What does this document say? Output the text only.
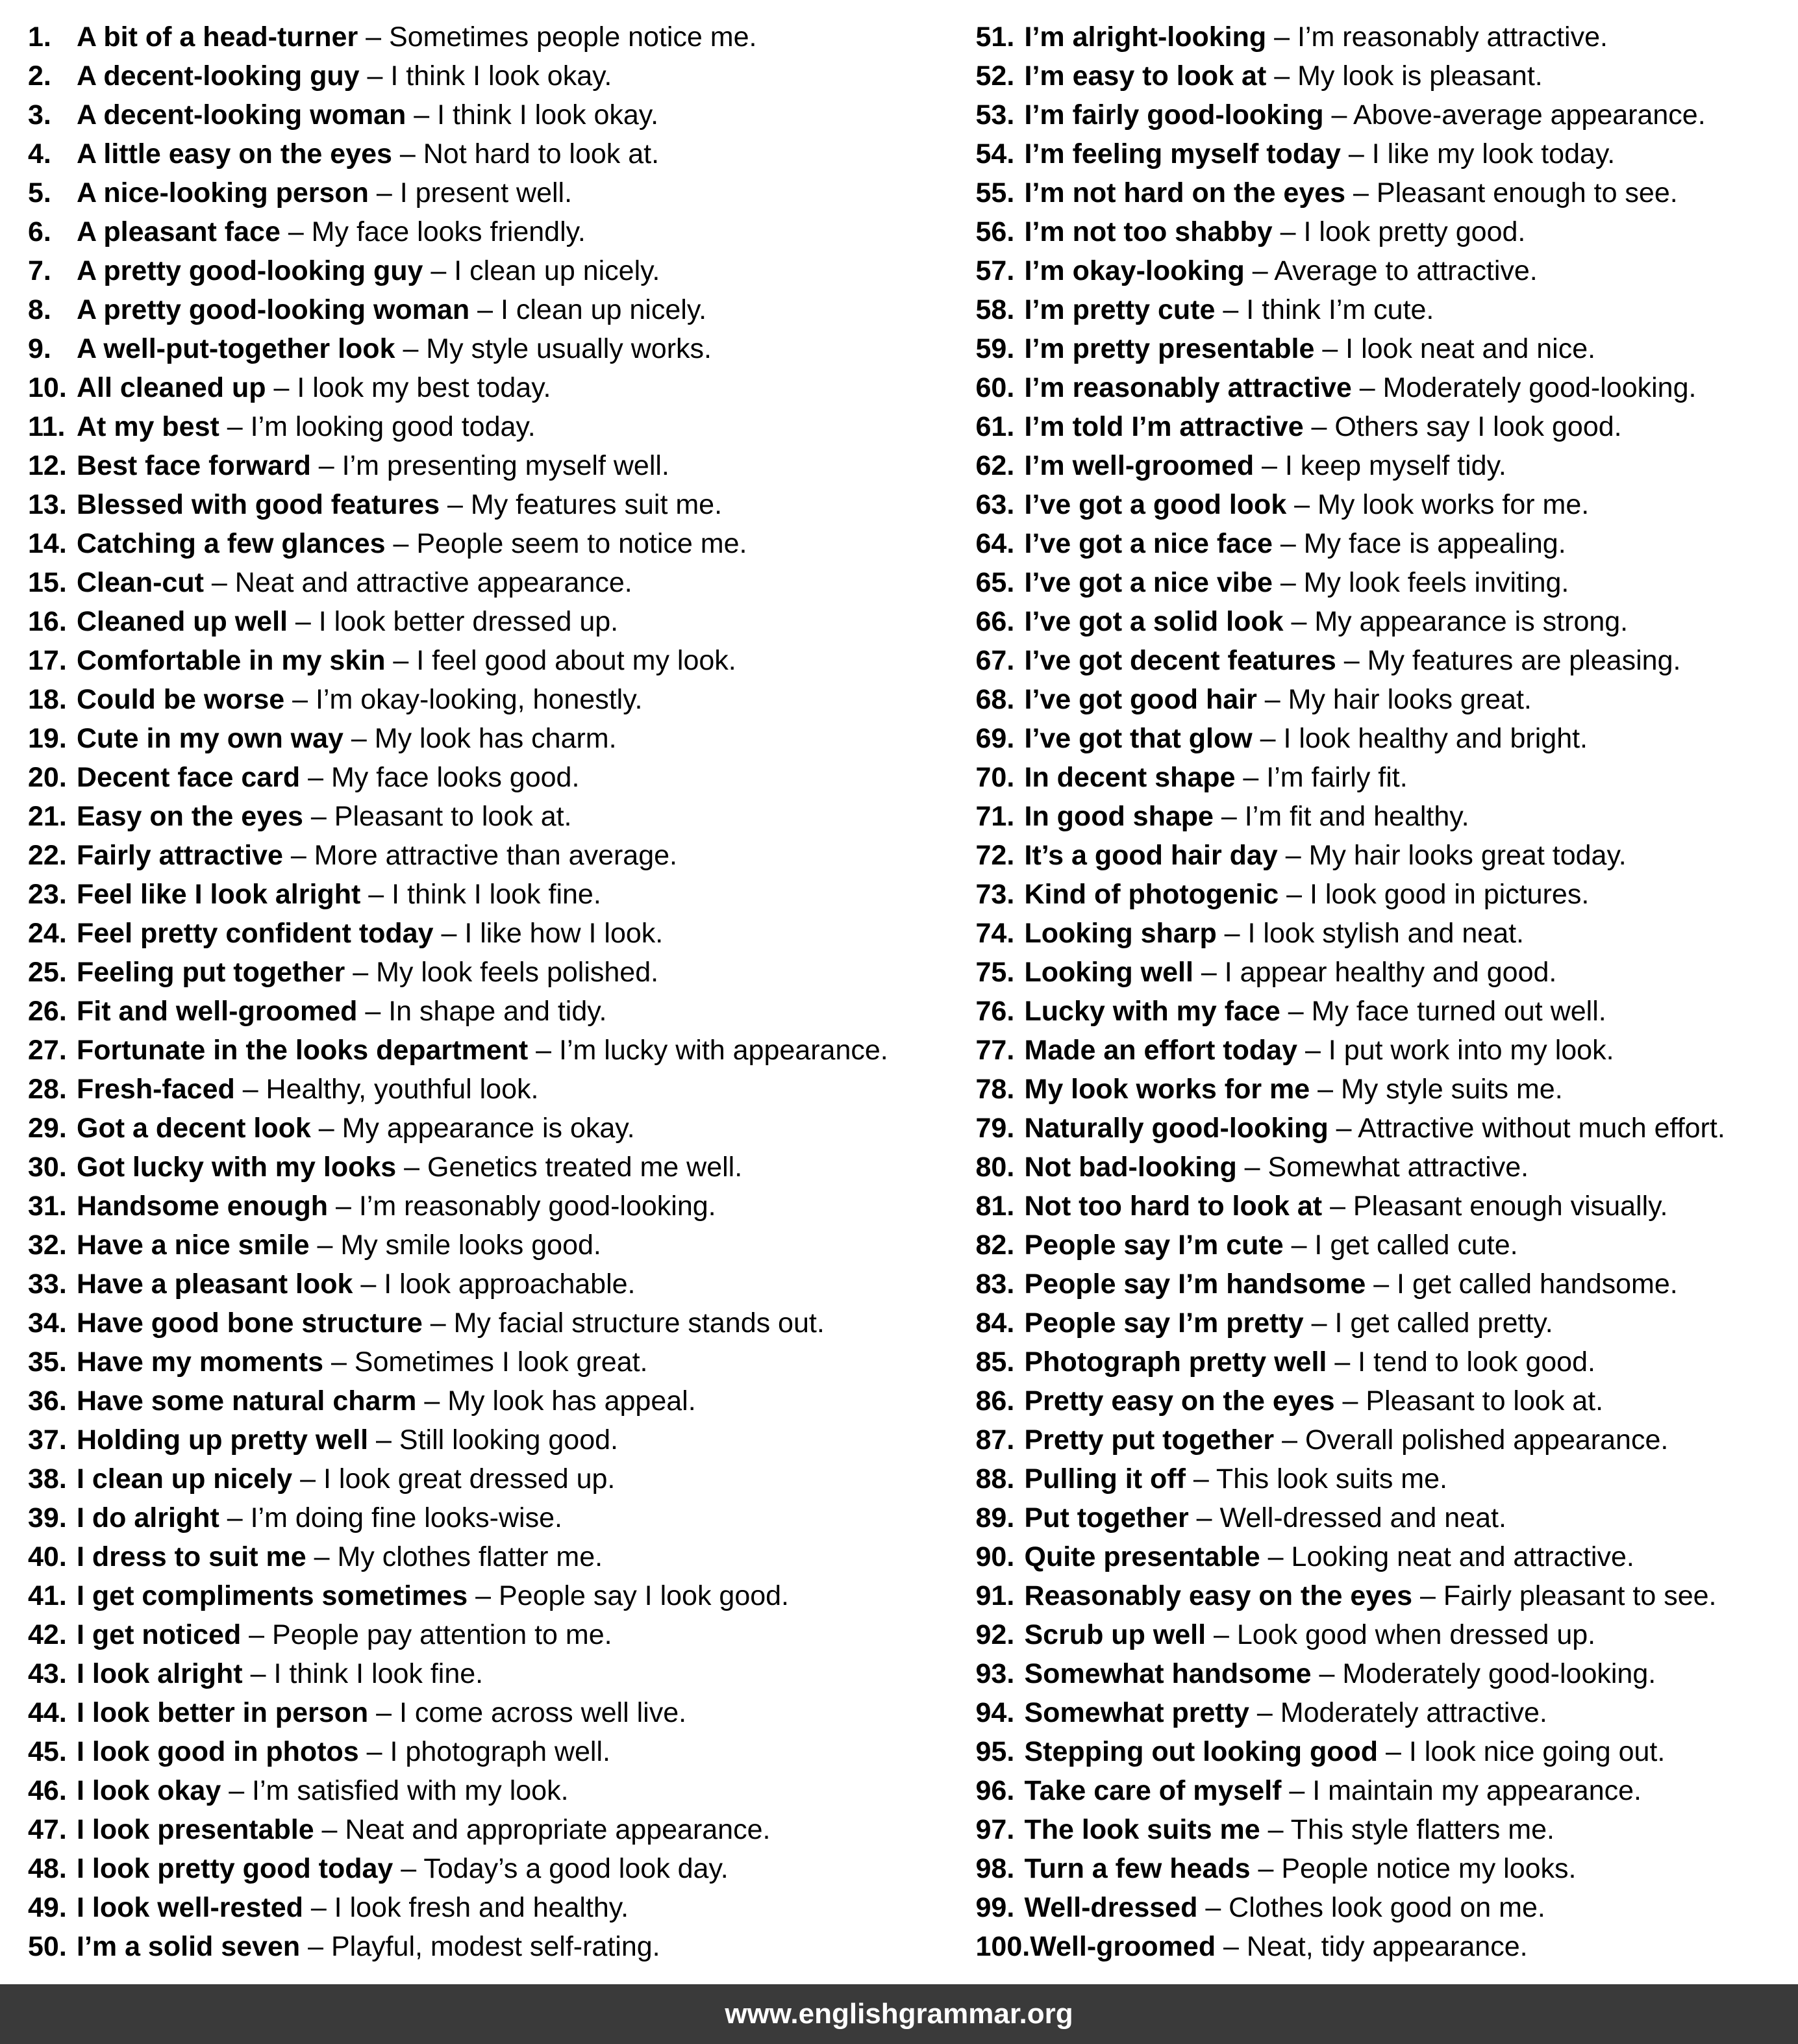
1. A bit of a head-turner – Sometimes people notice me.
2. A decent-looking guy – I think I look okay.
3. A decent-looking woman – I think I look okay.
4. A little easy on the eyes – Not hard to look at.
5. A nice-looking person – I present well.
6. A pleasant face – My face looks friendly.
7. A pretty good-looking guy – I clean up nicely.
8. A pretty good-looking woman – I clean up nicely.
9. A well-put-together look – My style usually works.
10. All cleaned up – I look my best today.
11. At my best – I’m looking good today.
12. Best face forward – I’m presenting myself well.
13. Blessed with good features – My features suit me.
14. Catching a few glances – People seem to notice me.
15. Clean-cut – Neat and attractive appearance.
16. Cleaned up well – I look better dressed up.
17. Comfortable in my skin – I feel good about my look.
18. Could be worse – I’m okay-looking, honestly.
19. Cute in my own way – My look has charm.
20. Decent face card – My face looks good.
21. Easy on the eyes – Pleasant to look at.
22. Fairly attractive – More attractive than average.
23. Feel like I look alright – I think I look fine.
24. Feel pretty confident today – I like how I look.
25. Feeling put together – My look feels polished.
26. Fit and well-groomed – In shape and tidy.
27. Fortunate in the looks department – I’m lucky with appearance.
28. Fresh-faced – Healthy, youthful look.
29. Got a decent look – My appearance is okay.
30. Got lucky with my looks – Genetics treated me well.
31. Handsome enough – I’m reasonably good-looking.
32. Have a nice smile – My smile looks good.
33. Have a pleasant look – I look approachable.
34. Have good bone structure – My facial structure stands out.
35. Have my moments – Sometimes I look great.
36. Have some natural charm – My look has appeal.
37. Holding up pretty well – Still looking good.
38. I clean up nicely – I look great dressed up.
39. I do alright – I’m doing fine looks-wise.
40. I dress to suit me – My clothes flatter me.
41. I get compliments sometimes – People say I look good.
42. I get noticed – People pay attention to me.
43. I look alright – I think I look fine.
44. I look better in person – I come across well live.
45. I look good in photos – I photograph well.
46. I look okay – I’m satisfied with my look.
47. I look presentable – Neat and appropriate appearance.
48. I look pretty good today – Today’s a good look day.
49. I look well-rested – I look fresh and healthy.
50. I’m a solid seven – Playful, modest self-rating.
51. I’m alright-looking – I’m reasonably attractive.
52. I’m easy to look at – My look is pleasant.
53. I’m fairly good-looking – Above-average appearance.
54. I’m feeling myself today – I like my look today.
55. I’m not hard on the eyes – Pleasant enough to see.
56. I’m not too shabby – I look pretty good.
57. I’m okay-looking – Average to attractive.
58. I’m pretty cute – I think I’m cute.
59. I’m pretty presentable – I look neat and nice.
60. I’m reasonably attractive – Moderately good-looking.
61. I’m told I’m attractive – Others say I look good.
62. I’m well-groomed – I keep myself tidy.
63. I’ve got a good look – My look works for me.
64. I’ve got a nice face – My face is appealing.
65. I’ve got a nice vibe – My look feels inviting.
66. I’ve got a solid look – My appearance is strong.
67. I’ve got decent features – My features are pleasing.
68. I’ve got good hair – My hair looks great.
69. I’ve got that glow – I look healthy and bright.
70. In decent shape – I’m fairly fit.
71. In good shape – I’m fit and healthy.
72. It’s a good hair day – My hair looks great today.
73. Kind of photogenic – I look good in pictures.
74. Looking sharp – I look stylish and neat.
75. Looking well – I appear healthy and good.
76. Lucky with my face – My face turned out well.
77. Made an effort today – I put work into my look.
78. My look works for me – My style suits me.
79. Naturally good-looking – Attractive without much effort.
80. Not bad-looking – Somewhat attractive.
81. Not too hard to look at – Pleasant enough visually.
82. People say I’m cute – I get called cute.
83. People say I’m handsome – I get called handsome.
84. People say I’m pretty – I get called pretty.
85. Photograph pretty well – I tend to look good.
86. Pretty easy on the eyes – Pleasant to look at.
87. Pretty put together – Overall polished appearance.
88. Pulling it off – This look suits me.
89. Put together – Well-dressed and neat.
90. Quite presentable – Looking neat and attractive.
91. Reasonably easy on the eyes – Fairly pleasant to see.
92. Scrub up well – Look good when dressed up.
93. Somewhat handsome – Moderately good-looking.
94. Somewhat pretty – Moderately attractive.
95. Stepping out looking good – I look nice going out.
96. Take care of myself – I maintain my appearance.
97. The look suits me – This style flatters me.
98. Turn a few heads – People notice my looks.
99. Well-dressed – Clothes look good on me.
100. Well-groomed – Neat, tidy appearance.
www.englishgrammar.org
